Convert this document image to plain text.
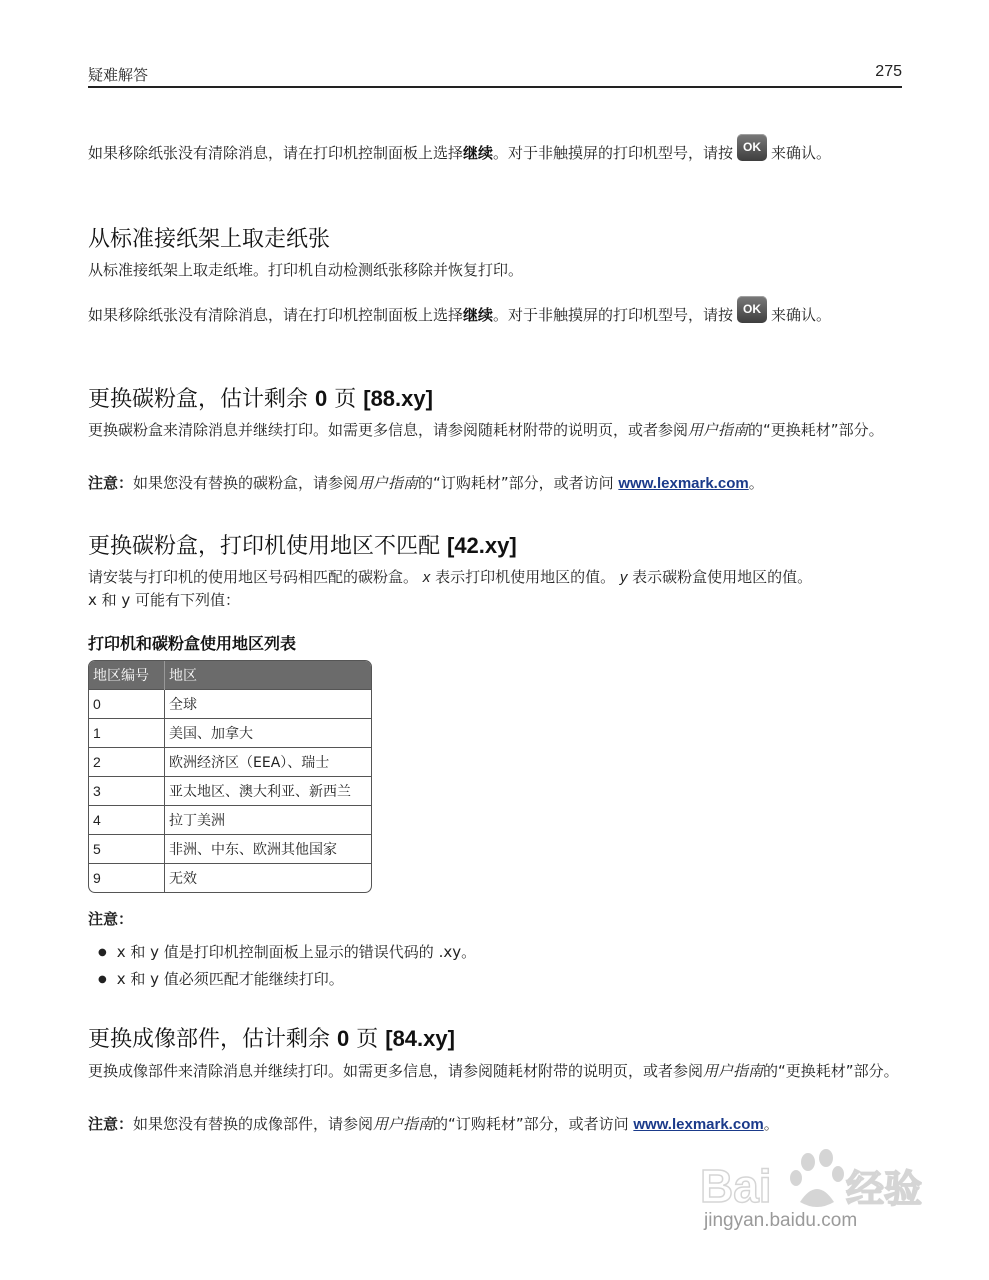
疑难解答	275

如果移除纸张没有清除消息，请在打印机控制面板上选择继续。对于非触摸屏的打印机型号，请按 OK 来确认。

从标准接纸架上取走纸张

从标准接纸架上取走纸堆。打印机自动检测纸张移除并恢复打印。

如果移除纸张没有清除消息，请在打印机控制面板上选择继续。对于非触摸屏的打印机型号，请按 OK 来确认。

更换碳粉盒，估计剩余 0 页 [88.xy]

更换碳粉盒来清除消息并继续打印。如需更多信息，请参阅随耗材附带的说明页，或者参阅用户指南的“更换耗材”部分。

注意：如果您没有替换的碳粉盒，请参阅用户指南的“订购耗材”部分，或者访问 www.lexmark.com。

更换碳粉盒，打印机使用地区不匹配 [42.xy]

请安装与打印机的使用地区号码相匹配的碳粉盒。 x 表示打印机使用地区的值。 y 表示碳粉盒使用地区的值。
x 和 y 可能有下列值：

打印机和碳粉盒使用地区列表
地区编号	地区
0	全球
1	美国、加拿大
2	欧洲经济区（EEA）、瑞士
3	亚太地区、澳大利亚、新西兰
4	拉丁美洲
5	非洲、中东、欧洲其他国家
9	无效

注意：

● x 和 y 值是打印机控制面板上显示的错误代码的 .xy。
● x 和 y 值必须匹配才能继续打印。
更换成像部件，估计剩余 0 页 [84.xy]

更换成像部件来清除消息并继续打印。如需更多信息，请参阅随耗材附带的说明页，或者参阅用户指南的“更换耗材”部分。

注意：如果您没有替换的成像部件，请参阅用户指南的“订购耗材”部分，或者访问 www.lexmark.com。

Bai 经验
jingyan.baidu.com
